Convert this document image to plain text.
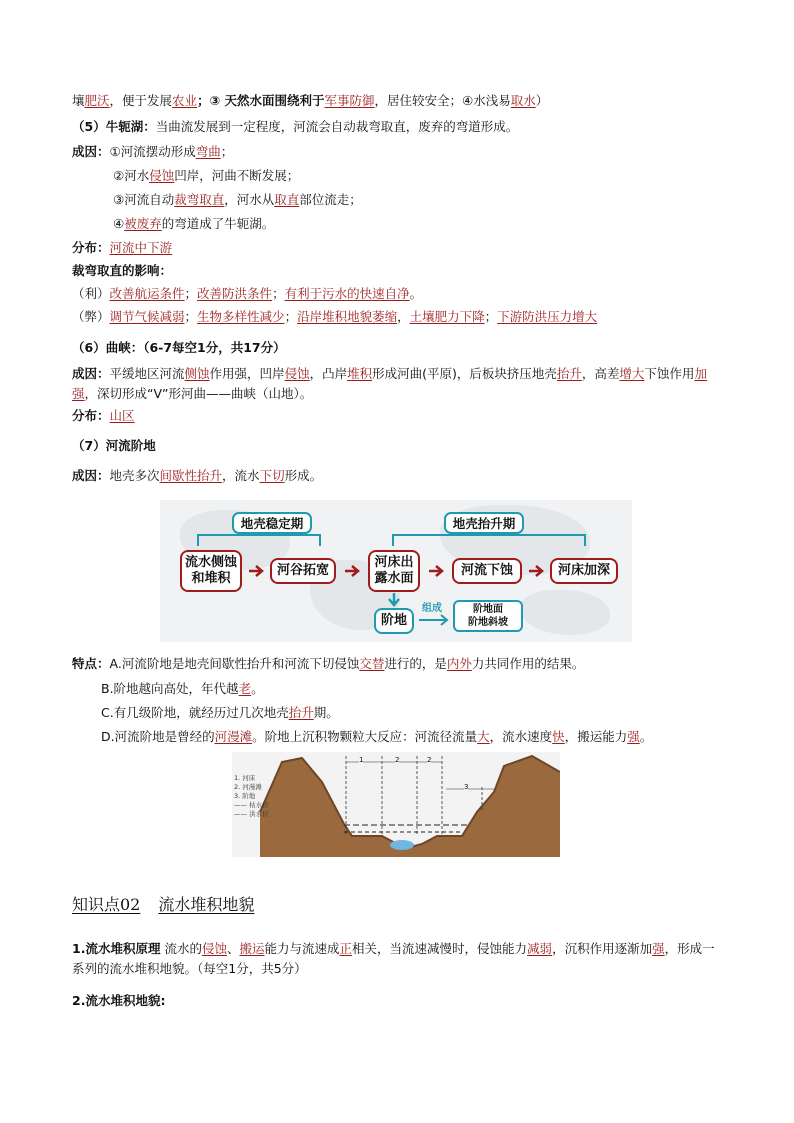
壤肥沃，便于发展农业；③ 天然水面围绕利于军事防御，居住较安全；④水浅易取水）
（5）牛轭湖：当曲流发展到一定程度，河流会自动裁弯取直，废弃的弯道形成。
成因：①河流摆动形成弯曲；
②河水侵蚀凹岸，河曲不断发展；
③河流自动裁弯取直，河水从取直部位流走；
④被废弃的弯道成了牛轭湖。
分布：河流中下游
裁弯取直的影响：
（利）改善航运条件；改善防洪条件；有利于污水的快速自净。
（弊）调节气候减弱；生物多样性减少；沿岸堆积地貌萎缩，土壤肥力下降；下游防洪压力增大
（6）曲峡：（6-7每空1分，共17分）
成因：平缓地区河流侧蚀作用强，凹岸侵蚀，凸岸堆积形成河曲(平原)，后板块挤压地壳抬升，高差增大下蚀作用加强，深切形成“V”形河曲——曲峡（山地）。
分布：山区
（7）河流阶地
成因：地壳多次间歇性抬升，流水下切形成。
地壳稳定期	地壳抬升期
流水侧蚀
和堆积
河谷拓宽
河床出
露水面
河流下蚀	河床加深
阶地
组成	阶地面
阶地斜坡
特点：A.河流阶地是地壳间歇性抬升和河流下切侵蚀交替进行的，是内外力共同作用的结果。
B.阶地越向高处，年代越老。
C.有几级阶地，就经历过几次地壳抬升期。
D.河流阶地是曾经的河漫滩。阶地上沉积物颗粒大反应：河流径流量大，流水速度快，搬运能力强。
1	2	2
3
1. 河床
2. 河漫滩
3. 阶地
—— 枯水位
—— 洪水位
知识点02 流水堆积地貌
1.流水堆积原理 流水的侵蚀、搬运能力与流速成正相关，当流速减慢时，侵蚀能力减弱，沉积作用逐渐加强，形成一系列的流水堆积地貌。（每空1分，共5分）
2.流水堆积地貌:
